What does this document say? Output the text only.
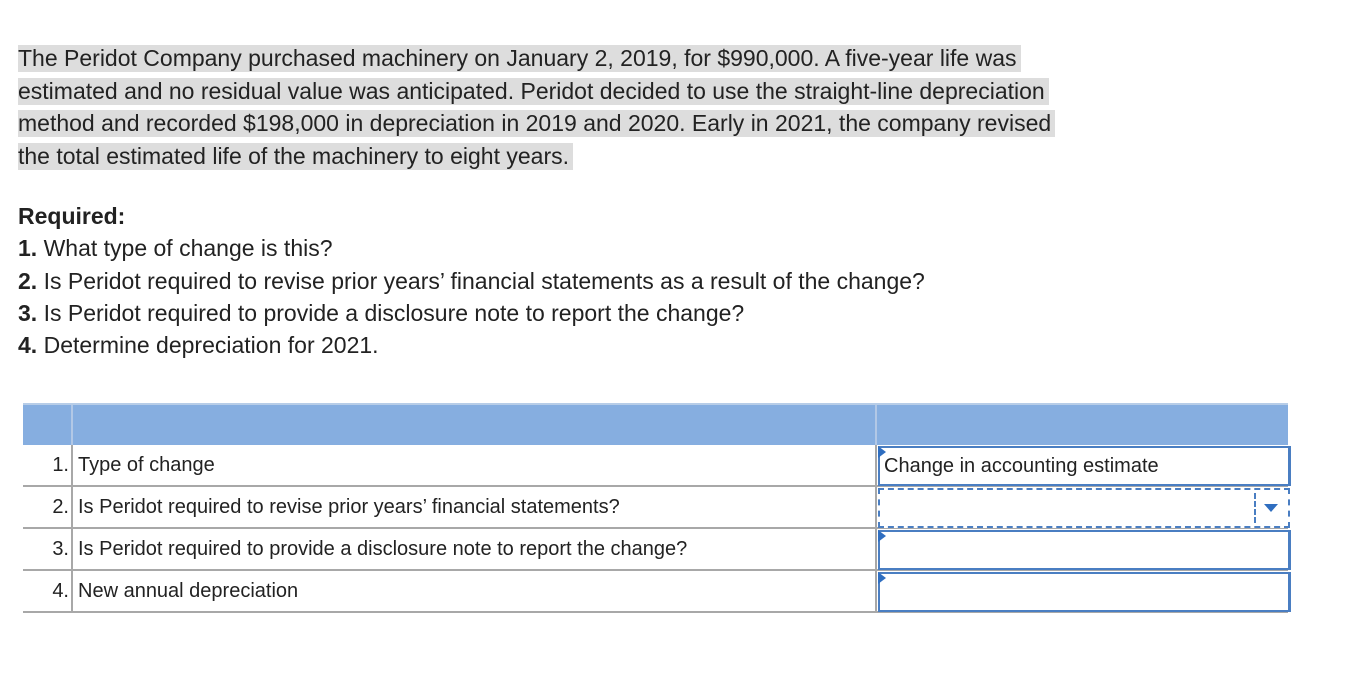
The Peridot Company purchased machinery on January 2, 2019, for $990,000. A five-year life was
estimated and no residual value was anticipated. Peridot decided to use the straight-line depreciation
method and recorded $198,000 in depreciation in 2019 and 2020. Early in 2021, the company revised
the total estimated life of the machinery to eight years.
Required:
1. What type of change is this?
2. Is Peridot required to revise prior years’ financial statements as a result of the change?
3. Is Peridot required to provide a disclosure note to report the change?
4. Determine depreciation for 2021.
1. Type of change	Change in accounting estimate
2. Is Peridot required to revise prior years’ financial statements?
3. Is Peridot required to provide a disclosure note to report the change?
4. New annual depreciation
